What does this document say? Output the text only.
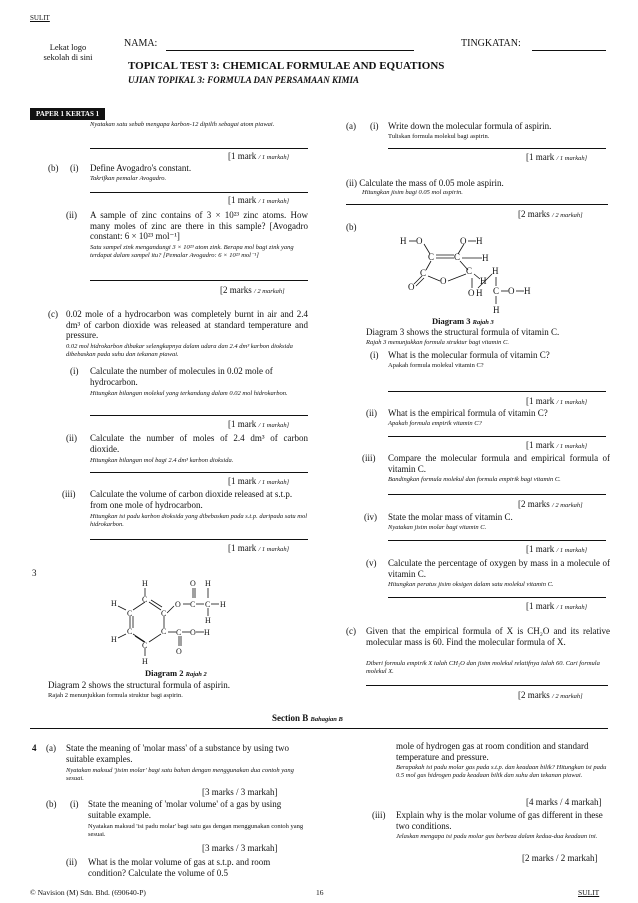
SULIT
Lekat logo sekolah di sini
NAMA:	TINGKATAN:
TOPICAL TEST 3: CHEMICAL FORMULAE AND EQUATIONS
UJIAN TOPIKAL 3: FORMULA DAN PERSAMAAN KIMIA
PAPER 1 KERTAS 1
Nyatakan satu sebab mengapa karbon-12 dipilih sebagai atom piawai.
[1 mark / 1 markah]
(b) (i) Define Avogadro's constant.
Takrifkan pemalar Avogadro.
[1 mark / 1 markah]
(ii) A sample of zinc contains of 3 × 10²³ zinc atoms. How many moles of zinc are there in this sample? [Avogadro constant: 6 × 10²³ mol⁻¹]
Satu sampel zink mengandungi 3 × 10²³ atom zink. Berapa mol bagi zink yang terdapat dalam sampel itu? [Pemalar Avogadro: 6 × 10²³ mol⁻¹]
[2 marks / 2 markah]
(c) 0.02 mole of a hydrocarbon was completely burnt in air and 2.4 dm³ of carbon dioxide was released at standard temperature and pressure.
0.02 mol hidrokarbon dibakar selengkapnya dalam udara dan 2.4 dm³ karbon dioksida dibebaskan pada suhu dan tekanan piawai.
(i) Calculate the number of molecules in 0.02 mole of hydrocarbon.
Hitungkan bilangan molekul yang terkandung dalam 0.02 mol hidrokarbon.
[1 mark / 1 markah]
(ii) Calculate the number of moles of 2.4 dm³ of carbon dioxide.
Hitungkan bilangan mol bagi 2.4 dm³ karbon dioksida.
[1 mark / 1 markah]
(iii) Calculate the volume of carbon dioxide released at s.t.p. from one mole of hydrocarbon.
Hitungkan isi padu karbon dioksida yang dibebaskan pada s.t.p. daripada satu mol hidrokarbon.
[1 mark / 1 markah]
3
H
C
H
C	C
C	C
H
C
H
O C
O
C
H
H
H
C
O
O H
Diagram 2 Rajah 2
Diagram 2 shows the structural formula of aspirin.
Rajah 2 menunjukkan formula struktur bagi aspirin.
(a) (i) Write down the molecular formula of aspirin.
Tuliskan formula molekul bagi aspirin.
[1 mark / 1 markah]
(ii) Calculate the mass of 0.05 mole aspirin.
Hitungkan jisim bagi 0.05 mol aspirin.
[2 marks / 2 markah]
(b)
H O	O H
C C H
C
O
O
C
H
H
O H C O H
H
Diagram 3 Rajah 3
Diagram 3 shows the structural formula of vitamin C.
Rajah 3 menunjukkan formula struktur bagi vitamin C.
(i) What is the molecular formula of vitamin C?
Apakah formula molekul vitamin C?
[1 mark / 1 markah]
(ii) What is the empirical formula of vitamin C?
Apakah formula empirik vitamin C?
[1 mark / 1 markah]
(iii) Compare the molecular formula and empirical formula of vitamin C.
Bandingkan formula molekul dan formula empirik bagi vitamin C.
[2 marks / 2 markah]
(iv) State the molar mass of vitamin C.
Nyatakan jisim molar bagi vitamin C.
[1 mark / 1 markah]
(v) Calculate the percentage of oxygen by mass in a molecule of vitamin C.
Hitungkan peratus jisim oksigen dalam satu molekul vitamin C.
[1 mark / 1 markah]
(c) Given that the empirical formula of X is CH₂O and its relative molecular mass is 60. Find the molecular formula of X.
Diberi formula empirik X ialah CH₂O dan jisim molekul relatifnya ialah 60. Cari formula molekul X.
[2 marks / 2 markah]
Section B Bahagian B
4 (a) State the meaning of 'molar mass' of a substance by using two suitable examples.
Nyatakan maksud 'jisim molar' bagi satu bahan dengan menggunakan dua contoh yang sesuai.
[3 marks / 3 markah]
(b) (i) State the meaning of 'molar volume' of a gas by using suitable example.
Nyatakan maksud 'isi padu molar' bagi satu gas dengan menggunakan contoh yang sesuai.
[3 marks / 3 markah]
(ii) What is the molar volume of gas at s.t.p. and room condition? Calculate the volume of 0.5
mole of hydrogen gas at room condition and standard temperature and pressure.
Berapakah isi padu molar gas pada s.t.p. dan keadaan bilik? Hitungkan isi padu 0.5 mol gas hidrogen pada keadaan bilik dan suhu dan tekanan piawai.
[4 marks / 4 markah]
(iii) Explain why is the molar volume of gas different in these two conditions.
Jelaskan mengapa isi padu molar gas berbeza dalam kedua-dua keadaan ini.
[2 marks / 2 markah]
© Navision (M) Sdn. Bhd. (690640-P)	16	SULIT
